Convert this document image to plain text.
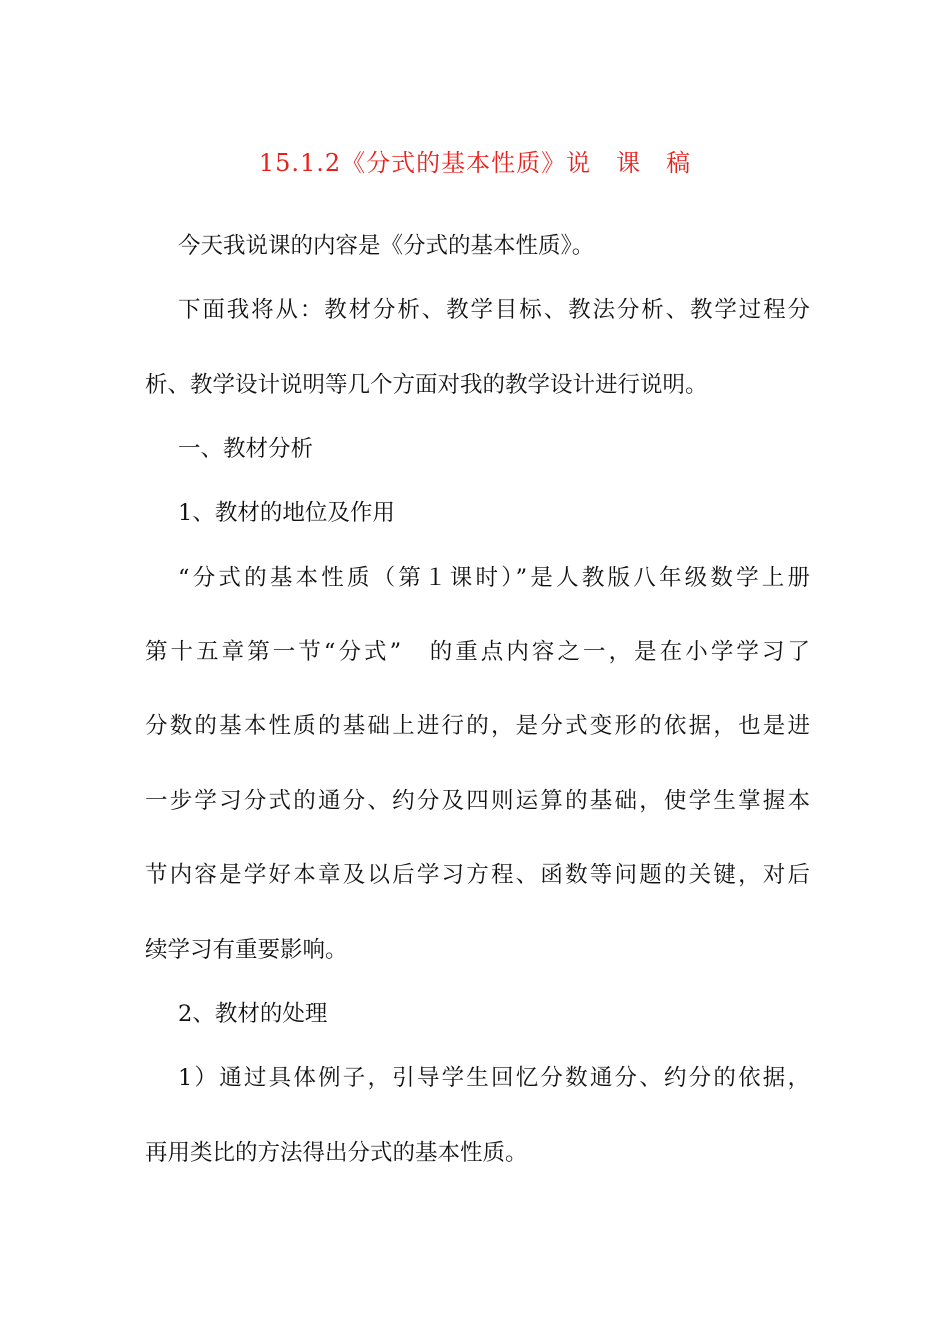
15.1.2《分式的基本性质》说　课　稿
今天我说课的内容是《分式的基本性质》。
下面我将从：教材分析、教学目标、教法分析、教学过程分
析、教学设计说明等几个方面对我的教学设计进行说明。
一、教材分析
1、教材的地位及作用
“分式的基本性质（第１课时）”是人教版八年级数学上册
第十五章第一节“分式”　的重点内容之一，是在小学学习了
分数的基本性质的基础上进行的，是分式变形的依据，也是进
一步学习分式的通分、约分及四则运算的基础，使学生掌握本
节内容是学好本章及以后学习方程、函数等问题的关键，对后
续学习有重要影响。
2、教材的处理
1）通过具体例子，引导学生回忆分数通分、约分的依据，
再用类比的方法得出分式的基本性质。
